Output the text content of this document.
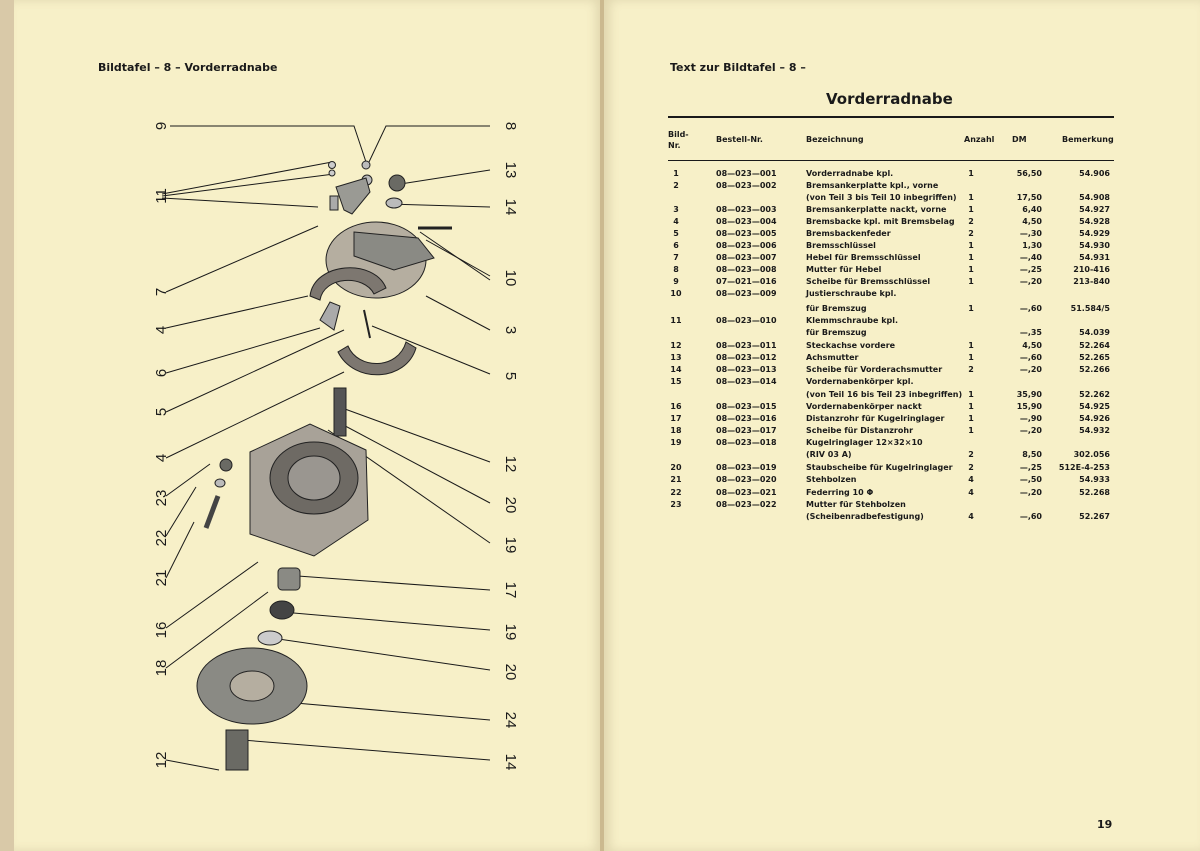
Bildtafel – 8 – Vorderradnabe
9	8
11
13
14
10
7
4	3
6	5
5
4	12
23	20
22
21
19
16
17
18
19
20
24
12	14
Text zur Bildtafel – 8 –
Vorderradnabe
Bild-
Nr.
Bestell-Nr.	Bezeichnung	Anzahl DM	Bemerkung
1	08—023—001	Vorderradnabe kpl.	1	56,50	54.906
2	08—023—002	Bremsankerplatte kpl., vorne
(von Teil 3 bis Teil 10 inbegriffen) 1	17,50	54.908
3	08—023—003	Bremsankerplatte nackt, vorne	1	6,40	54.927
4	08—023—004	Bremsbacke kpl. mit Bremsbelag 2	4,50	54.928
5	08—023—005	Bremsbackenfeder	2	—,30	54.929
6	08—023—006	Bremsschlüssel	1	1,30	54.930
7	08—023—007	Hebel für Bremsschlüssel	1	—,40	54.931
8	08—023—008	Mutter für Hebel	1	—,25	210-416
9	07—021—016	Scheibe für Bremsschlüssel	1	—,20	213-840
10	08—023—009	Justierschraube kpl.
für Bremszug	1	—,60	51.584/5
11	08—023—010	Klemmschraube kpl.
für Bremszug	—,35	54.039
12	08—023—011	Steckachse vordere	1	4,50	52.264
13	08—023—012	Achsmutter	1	—,60	52.265
14	08—023—013	Scheibe für Vorderachsmutter	2	—,20	52.266
15	08—023—014	Vordernabenkörper kpl.
(von Teil 16 bis Teil 23 inbegriffen) 1	35,90	52.262
16	08—023—015	Vordernabenkörper nackt	1	15,90	54.925
17	08—023—016	Distanzrohr für Kugelringlager	1	—,90	54.926
18	08—023—017	Scheibe für Distanzrohr	1	—,20	54.932
19	08—023—018	Kugelringlager 12×32×10
(RIV 03 A)	2	8,50	302.056
20	08—023—019	Staubscheibe für Kugelringlager 2	—,25	512E-4-253
21	08—023—020	Stehbolzen	4	—,50	54.933
22	08—023—021	Federring 10 Φ	4	—,20	52.268
23	08—023—022	Mutter für Stehbolzen
(Scheibenradbefestigung)	4	—,60	52.267
19
